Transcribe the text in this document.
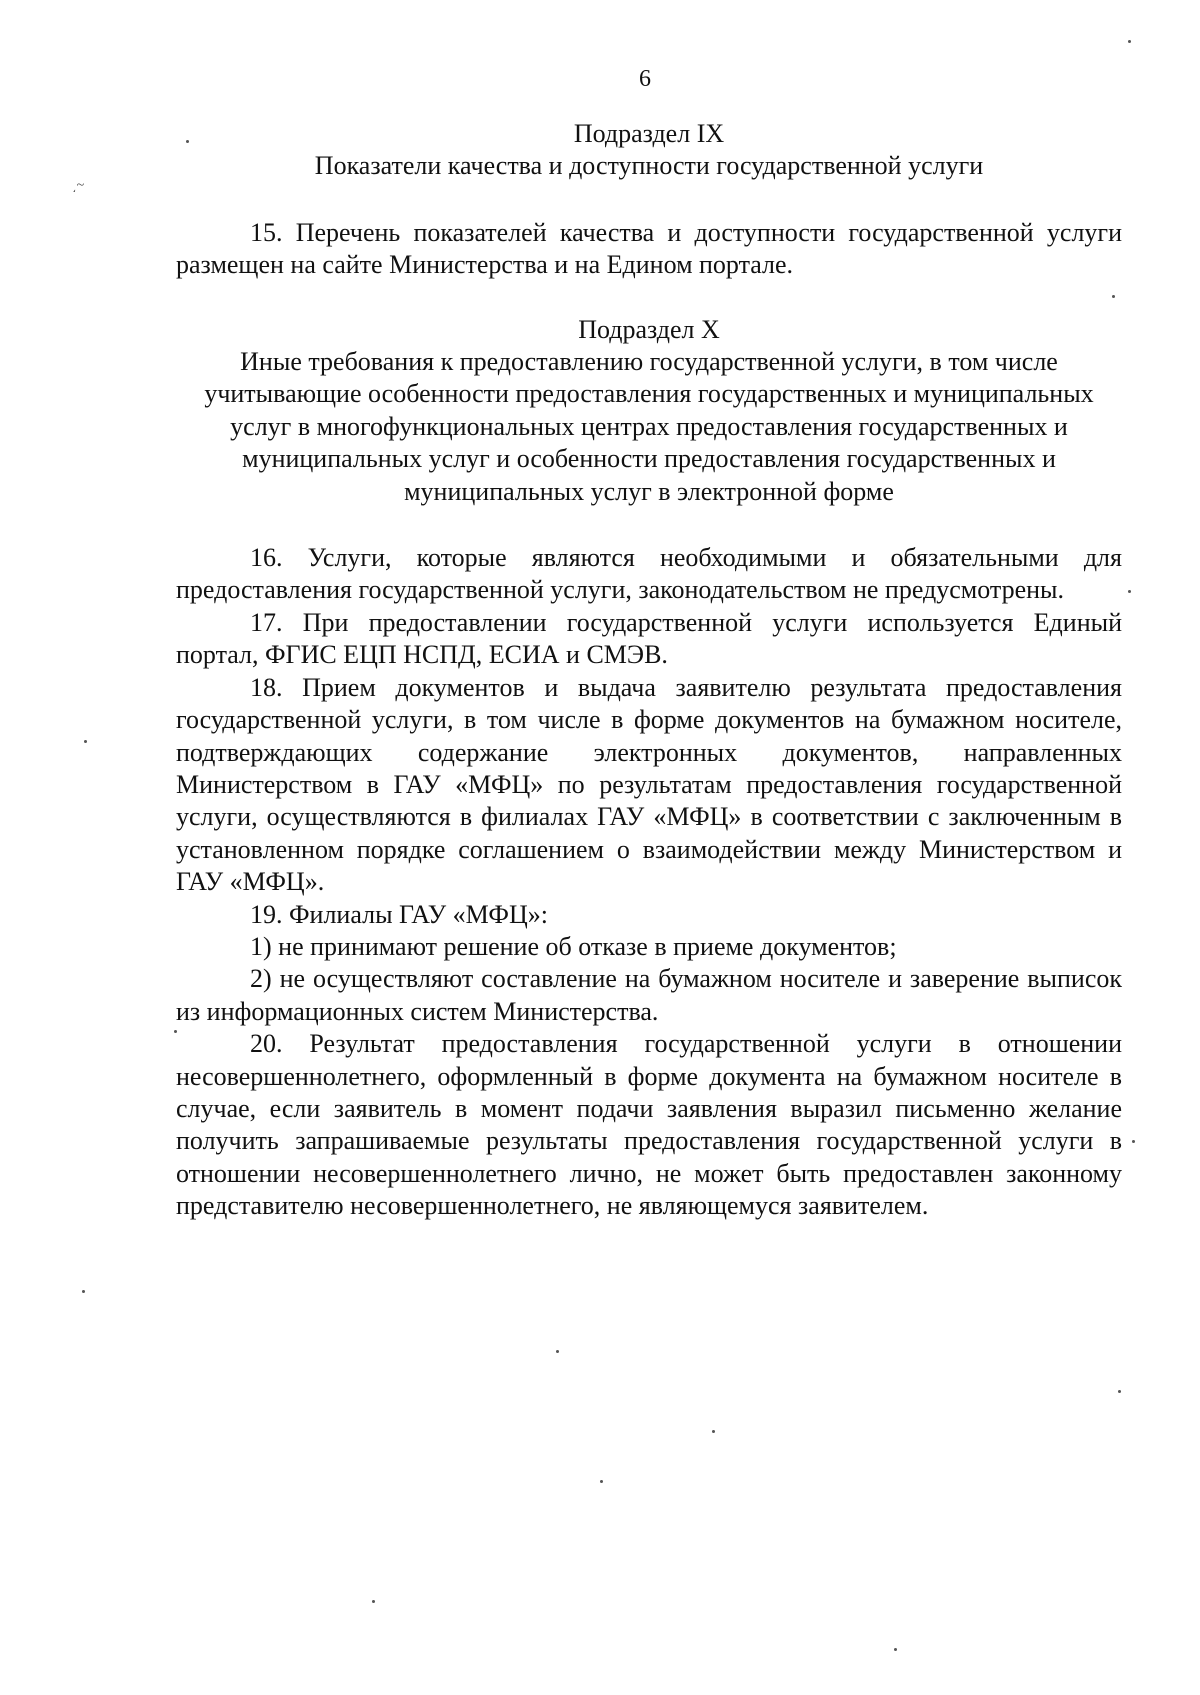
6
Подраздел IX
Показатели качества и доступности государственной услуги

15. Перечень показателей качества и доступности государственной услуги размещен на сайте Министерства и на Едином портале.

Подраздел X
Иные требования к предоставлению государственной услуги, в том числе учитывающие особенности предоставления государственных и муниципальных услуг в многофункциональных центрах предоставления государственных и муниципальных услуг и особенности предоставления государственных и муниципальных услуг в электронной форме

16. Услуги, которые являются необходимыми и обязательными для предоставления государственной услуги, законодательством не предусмотрены.

17. При предоставлении государственной услуги используется Единый портал, ФГИС ЕЦП НСПД, ЕСИА и СМЭВ.

18. Прием документов и выдача заявителю результата предоставления государственной услуги, в том числе в форме документов на бумажном носителе, подтверждающих содержание электронных документов, направленных Министерством в ГАУ «МФЦ» по результатам предоставления государственной услуги, осуществляются в филиалах ГАУ «МФЦ» в соответствии с заключенным в установленном порядке соглашением о взаимодействии между Министерством и ГАУ «МФЦ».

19. Филиалы ГАУ «МФЦ»:

1) не принимают решение об отказе в приеме документов;

2) не осуществляют составление на бумажном носителе и заверение выписок из информационных систем Министерства.

20. Результат предоставления государственной услуги в отношении несовершеннолетнего, оформленный в форме документа на бумажном носителе в случае, если заявитель в момент подачи заявления выразил письменно желание получить запрашиваемые результаты предоставления государственной услуги в отношении несовершеннолетнего лично, не может быть предоставлен законному представителю несовершеннолетнего, не являющемуся заявителем.

͵~
